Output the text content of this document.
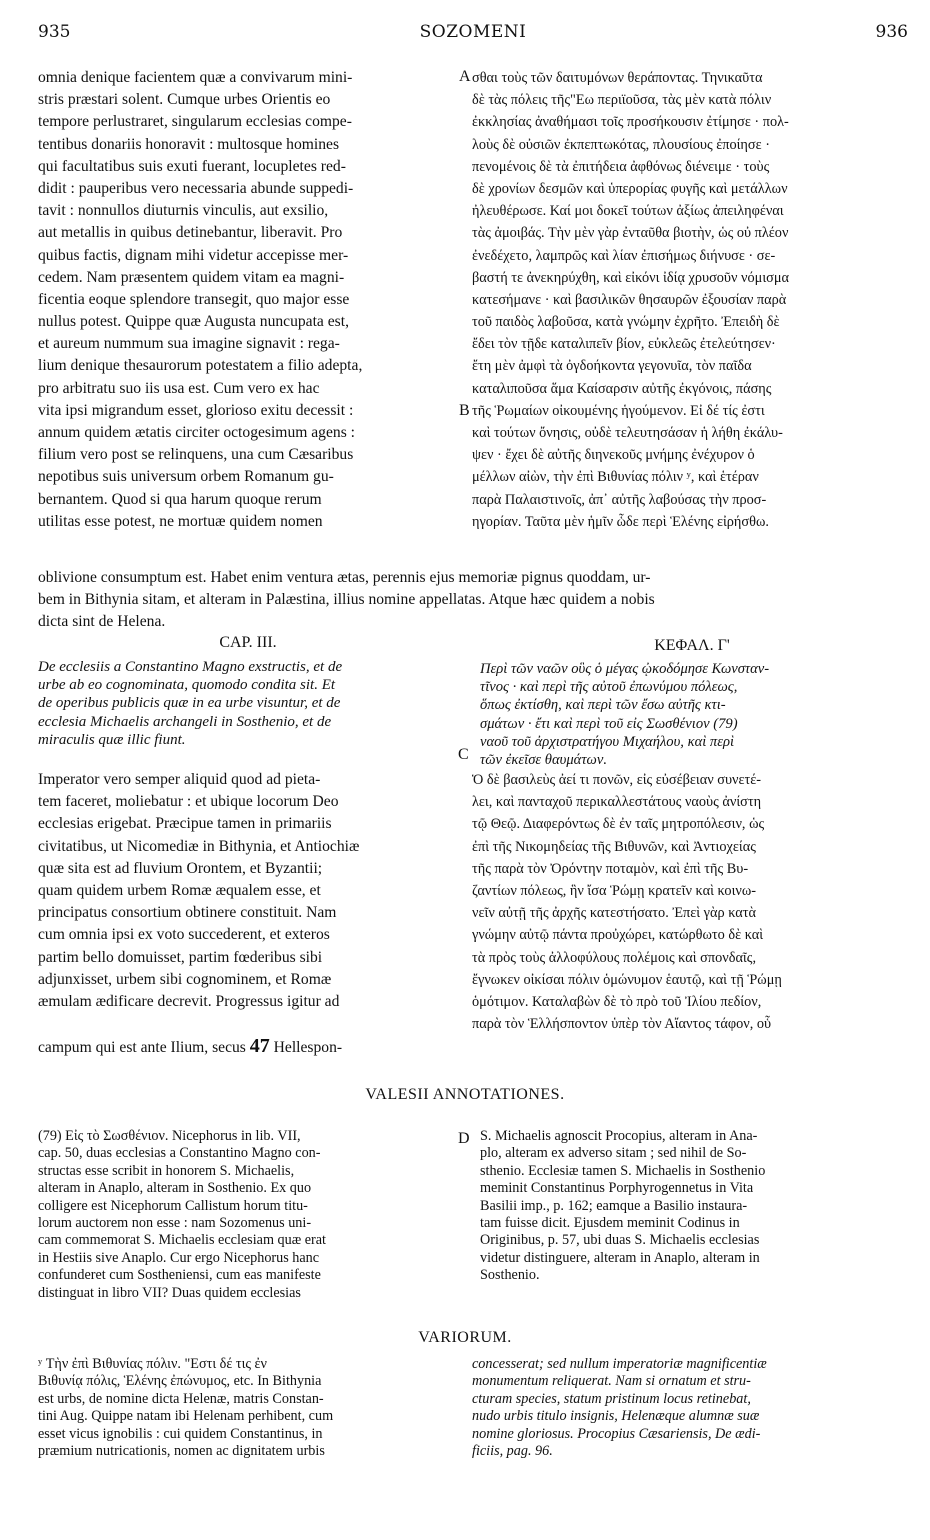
935	SOZOMENI	936
omnia denique facientem quæ a convivarum mini-
stris præstari solent. Cumque urbes Orientis eo
tempore perlustraret, singularum ecclesias compe-
tentibus donariis honoravit : multosque homines
qui facultatibus suis exuti fuerant, locupletes red-
didit : pauperibus vero necessaria abunde suppedi-
tavit : nonnullos diuturnis vinculis, aut exsilio,
aut metallis in quibus detinebantur, liberavit. Pro
quibus factis, dignam mihi videtur accepisse mer-
cedem. Nam præsentem quidem vitam ea magni-
ficentia eoque splendore transegit, quo major esse
nullus potest. Quippe quæ Augusta nuncupata est,
et aureum nummum sua imagine signavit : rega-
lium denique thesaurorum potestatem a filio adepta,
pro arbitratu suo iis usa est. Cum vero ex hac
vita ipsi migrandum esset, glorioso exitu decessit :
annum quidem ætatis circiter octogesimum agens :
filium vero post se relinquens, una cum Cæsaribus
nepotibus suis universum orbem Romanum gu-
bernantem. Quod si qua harum quoque rerum
utilitas esse potest, ne mortuæ quidem nomen
σθαι τοὺς τῶν δαιτυμόνων θεράποντας. Τηνικαῦτα
δὲ τὰς πόλεις τῆς"Εω περιϊοῦσα, τὰς μὲν κατὰ πόλιν
ἐκκλησίας ἀναθήμασι τοῖς προσήκουσιν ἐτίμησε · πολ-
λοὺς δὲ οὐσιῶν ἐκπεπτωκότας, πλουσίους ἐποίησε ·
πενομένοις δὲ τὰ ἐπιτήδεια ἀφθόνως διένειμε · τοὺς
δὲ χρονίων δεσμῶν καὶ ὑπερορίας φυγῆς καὶ μετάλλων
ἠλευθέρωσε. Καί μοι δοκεῖ τούτων ἀξίως ἀπειληφέναι
τὰς ἀμοιβάς. Τὴν μὲν γὰρ ἐνταῦθα βιοτὴν, ὡς οὐ πλέον
ἐνεδέχετο, λαμπρῶς καὶ λίαν ἐπισήμως διήνυσε · σε-
βαστή τε ἀνεκηρύχθη, καὶ εἰκόνι ἰδίᾳ χρυσοῦν νόμισμα
κατεσήμανε · καὶ βασιλικῶν θησαυρῶν ἐξουσίαν παρὰ
τοῦ παιδὸς λαβοῦσα, κατὰ γνώμην ἐχρῆτο. Ἐπειδὴ δὲ
ἔδει τὸν τῇδε καταλιπεῖν βίον, εὐκλεῶς ἐτελεύτησεν·
ἔτη μὲν ἀμφὶ τὰ ὀγδοήκοντα γεγονυῖα, τὸν παῖδα
καταλιποῦσα ἅμα Καίσαρσιν αὐτῆς ἐκγόνοις, πάσης
τῆς Ῥωμαίων οἰκουμένης ἡγούμενον. Εἰ δέ τίς ἐστι
καὶ τούτων ὄνησις, οὐδὲ τελευτησάσαν ἡ λήθη ἐκάλυ-
ψεν · ἔχει δὲ αὐτῆς διηνεκοῦς μνήμης ἐνέχυρον ὁ
μέλλων αἰὼν, τὴν ἐπὶ Βιθυνίας πόλιν ʸ, καὶ ἑτέραν
παρὰ Παλαιστινοῖς, ἀπ᾽ αὐτῆς λαβούσας τὴν προσ-
ηγορίαν. Ταῦτα μὲν ἡμῖν ὧδε περὶ Ἑλένης εἰρήσθω.
A
B
C
D
oblivione consumptum est. Habet enim ventura ætas, perennis ejus memoriæ pignus quoddam, ur-
bem in Bithynia sitam, et alteram in Palæstina, illius nomine appellatas. Atque hæc quidem a nobis
dicta sint de Helena.
CAP. III.	ΚΕΦΑΛ. Γ'
De ecclesiis a Constantino Magno exstructis, et de
urbe ab eo cognominata, quomodo condita sit. Et
de operibus publicis quæ in ea urbe visuntur, et de
ecclesia Michaelis archangeli in Sosthenio, et de
miraculis quæ illic fiunt.
Περὶ τῶν ναῶν οὓς ὁ μέγας ᾠκοδόμησε Κωνσταν-
τῖνος · καὶ περὶ τῆς αὐτοῦ ἐπωνύμου πόλεως,
ὅπως ἐκτίσθη, καὶ περὶ τῶν ἔσω αὐτῆς κτι-
σμάτων · ἔτι καὶ περὶ τοῦ εἰς Σωσθένιον (79)
ναοῦ τοῦ ἀρχιστρατήγου Μιχαήλου, καὶ περὶ
τῶν ἐκεῖσε θαυμάτων.
Imperator vero semper aliquid quod ad pieta-
tem faceret, moliebatur : et ubique locorum Deo
ecclesias erigebat. Præcipue tamen in primariis
civitatibus, ut Nicomediæ in Bithynia, et Antiochiæ
quæ sita est ad fluvium Orontem, et Byzantii;
quam quidem urbem Romæ æqualem esse, et
principatus consortium obtinere constituit. Nam
cum omnia ipsi ex voto succederent, et exteros
partim bello domuisset, partim fœderibus sibi
adjunxisset, urbem sibi cognominem, et Romæ
æmulam ædificare decrevit. Progressus igitur ad
Ὁ δὲ βασιλεὺς ἀεί τι πονῶν, εἰς εὐσέβειαν συνετέ-
λει, καὶ πανταχοῦ περικαλλεστάτους ναοὺς ἀνίστη
τῷ Θεῷ. Διαφερόντως δὲ ἐν ταῖς μητροπόλεσιν, ὡς
ἐπὶ τῆς Νικομηδείας τῆς Βιθυνῶν, καὶ Ἀντιοχείας
τῆς παρὰ τὸν Ὀρόντην ποταμὸν, καὶ ἐπὶ τῆς Βυ-
ζαντίων πόλεως, ἣν ἴσα Ῥώμῃ κρατεῖν καὶ κοινω-
νεῖν αὐτῇ τῆς ἀρχῆς κατεστήσατο. Ἐπεὶ γὰρ κατὰ
γνώμην αὐτῷ πάντα προὐχώρει, κατώρθωτο δὲ καὶ
τὰ πρὸς τοὺς ἀλλοφύλους πολέμοις καὶ σπονδαῖς,
ἔγνωκεν οἰκίσαι πόλιν ὁμώνυμον ἑαυτῷ, καὶ τῇ Ῥώμῃ
ὁμότιμον. Καταλαβὼν δὲ τὸ πρὸ τοῦ Ἰλίου πεδίον,
παρὰ τὸν Ἑλλήσποντον ὑπὲρ τὸν Αἴαντος τάφον, οὗ
campum qui est ante Ilium, secus 47 Hellespon-
VALESII ANNOTATIONES.
(79) Εἰς τὸ Σωσθένιον. Nicephorus in lib. VII,
cap. 50, duas ecclesias a Constantino Magno con-
structas esse scribit in honorem S. Michaelis,
alteram in Anaplo, alteram in Sosthenio. Ex quo
colligere est Nicephorum Callistum horum titu-
lorum auctorem non esse : nam Sozomenus uni-
cam commemorat S. Michaelis ecclesiam quæ erat
in Hestiis sive Anaplo. Cur ergo Nicephorus hanc
confunderet cum Sostheniensi, cum eas manifeste
distinguat in libro VII? Duas quidem ecclesias
S. Michaelis agnoscit Procopius, alteram in Ana-
plo, alteram ex adverso sitam ; sed nihil de So-
sthenio. Ecclesiæ tamen S. Michaelis in Sosthenio
meminit Constantinus Porphyrogennetus in Vita
Basilii imp., p. 162; eamque a Basilio instaura-
tam fuisse dicit. Ejusdem meminit Codinus in
Originibus, p. 57, ubi duas S. Michaelis ecclesias
videtur distinguere, alteram in Anaplo, alteram in
Sosthenio.
VARIORUM.
ʸ Τὴν ἐπὶ Βιθυνίας πόλιν. "Εστι δέ τις ἐν
Βιθυνίᾳ πόλις, Ἑλένης ἐπώνυμος, etc. In Bithynia
est urbs, de nomine dicta Helenæ, matris Constan-
tini Aug. Quippe natam ibi Helenam perhibent, cum
esset vicus ignobilis : cui quidem Constantinus, in
præmium nutricationis, nomen ac dignitatem urbis
concesserat; sed nullum imperatoriæ magnificentiæ
monumentum reliquerat. Nam si ornatum et stru-
cturam species, statum pristinum locus retinebat,
nudo urbis titulo insignis, Helenæque alumnæ suæ
nomine gloriosus. Procopius Cæsariensis, De ædi-
ficiis, pag. 96.
